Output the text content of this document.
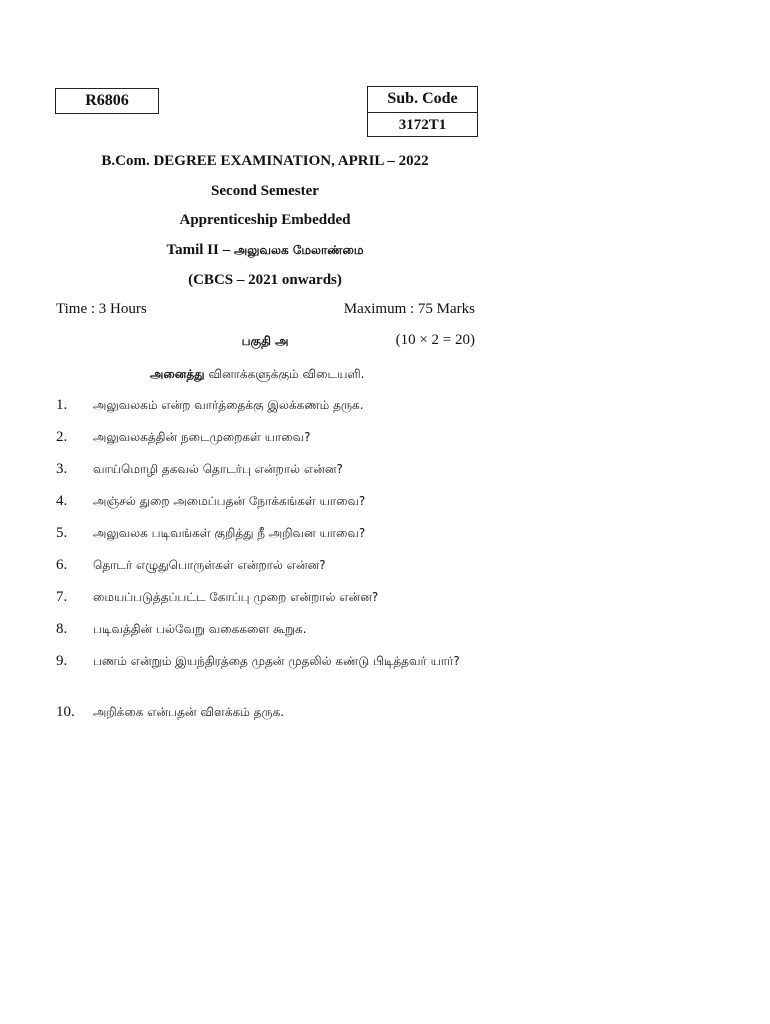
R6806	Sub. Code
3172T1
B.Com. DEGREE EXAMINATION, APRIL – 2022
Second Semester
Apprenticeship Embedded
Tamil II – அலுவலக மேலாண்மை
(CBCS – 2021 onwards)
Time : 3 Hours	Maximum : 75 Marks
பகுதி அ	(10 × 2 = 20)
அனைத்து வினாக்களுக்கும் விடையளி.
1. அலுவலகம் என்ற வார்த்தைக்கு இலக்கணம் தருக.
2. அலுவலகத்தின் நடைமுறைகள் யாவை?
3. வாய்மொழி தகவல் தொடர்பு என்றால் என்ன?
4. அஞ்சல் துறை அமைப்பதன் நோக்கங்கள் யாவை?
5. அலுவலக படிவங்கள் குறித்து நீ அறிவன யாவை?
6. தொடர் எழுதுபொருள்கள் என்றால் என்ன?
7. மையப்படுத்தப்பட்ட கோப்பு முறை என்றால் என்ன?
8. படிவத்தின் பல்வேறு வகைகளை கூறுக.
9. பணம் என்றும் இயந்திரத்தை முதன் முதலில் கண்டு பிடித்தவர் யார்?
10. அறிக்கை என்பதன் விளக்கம் தருக.
